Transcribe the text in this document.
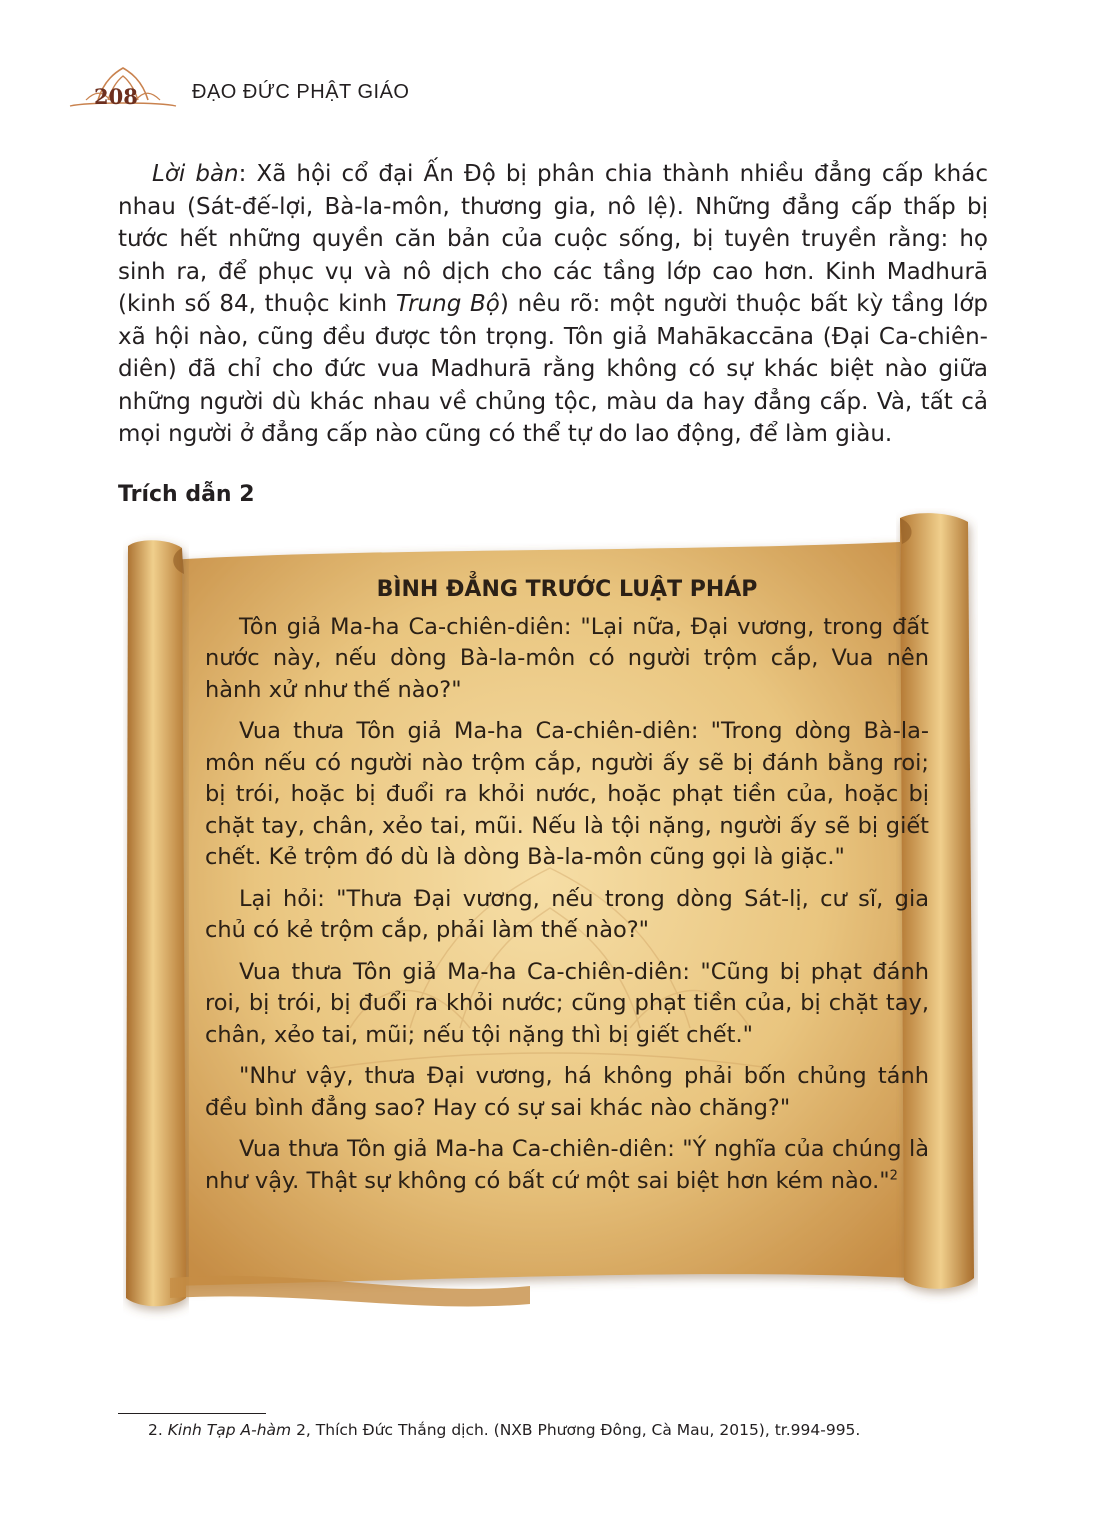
208	ĐẠO ĐỨC PHẬT GIÁO

Lời bàn: Xã hội cổ đại Ấn Độ bị phân chia thành nhiều đẳng cấp khác nhau (Sát-đế-lợi, Bà-la-môn, thương gia, nô lệ). Những đẳng cấp thấp bị tước hết những quyền căn bản của cuộc sống, bị tuyên truyền rằng: họ sinh ra, để phục vụ và nô dịch cho các tầng lớp cao hơn. Kinh Madhurā (kinh số 84, thuộc kinh Trung Bộ) nêu rõ: một người thuộc bất kỳ tầng lớp xã hội nào, cũng đều được tôn trọng. Tôn giả Mahākaccāna (Đại Ca-chiên-diên) đã chỉ cho đức vua Madhurā rằng không có sự khác biệt nào giữa những người dù khác nhau về chủng tộc, màu da hay đẳng cấp. Và, tất cả mọi người ở đẳng cấp nào cũng có thể tự do lao động, để làm giàu.

Trích dẫn 2
BÌNH ĐẲNG TRƯỚC LUẬT PHÁP

Tôn giả Ma-ha Ca-chiên-diên: "Lại nữa, Đại vương, trong đất nước này, nếu dòng Bà-la-môn có người trộm cắp, Vua nên hành xử như thế nào?"

Vua thưa Tôn giả Ma-ha Ca-chiên-diên: "Trong dòng Bà-la-môn nếu có người nào trộm cắp, người ấy sẽ bị đánh bằng roi; bị trói, hoặc bị đuổi ra khỏi nước, hoặc phạt tiền của, hoặc bị chặt tay, chân, xẻo tai, mũi. Nếu là tội nặng, người ấy sẽ bị giết chết. Kẻ trộm đó dù là dòng Bà-la-môn cũng gọi là giặc."

Lại hỏi: "Thưa Đại vương, nếu trong dòng Sát-lị, cư sĩ, gia chủ có kẻ trộm cắp, phải làm thế nào?"

Vua thưa Tôn giả Ma-ha Ca-chiên-diên: "Cũng bị phạt đánh roi, bị trói, bị đuổi ra khỏi nước; cũng phạt tiền của, bị chặt tay, chân, xẻo tai, mũi; nếu tội nặng thì bị giết chết."

"Như vậy, thưa Đại vương, há không phải bốn chủng tánh đều bình đẳng sao? Hay có sự sai khác nào chăng?"

Vua thưa Tôn giả Ma-ha Ca-chiên-diên: "Ý nghĩa của chúng là như vậy. Thật sự không có bất cứ một sai biệt hơn kém nào."$^2$

2. Kinh Tạp A-hàm 2, Thích Đức Thắng dịch. (NXB Phương Đông, Cà Mau, 2015), tr.994-995.
